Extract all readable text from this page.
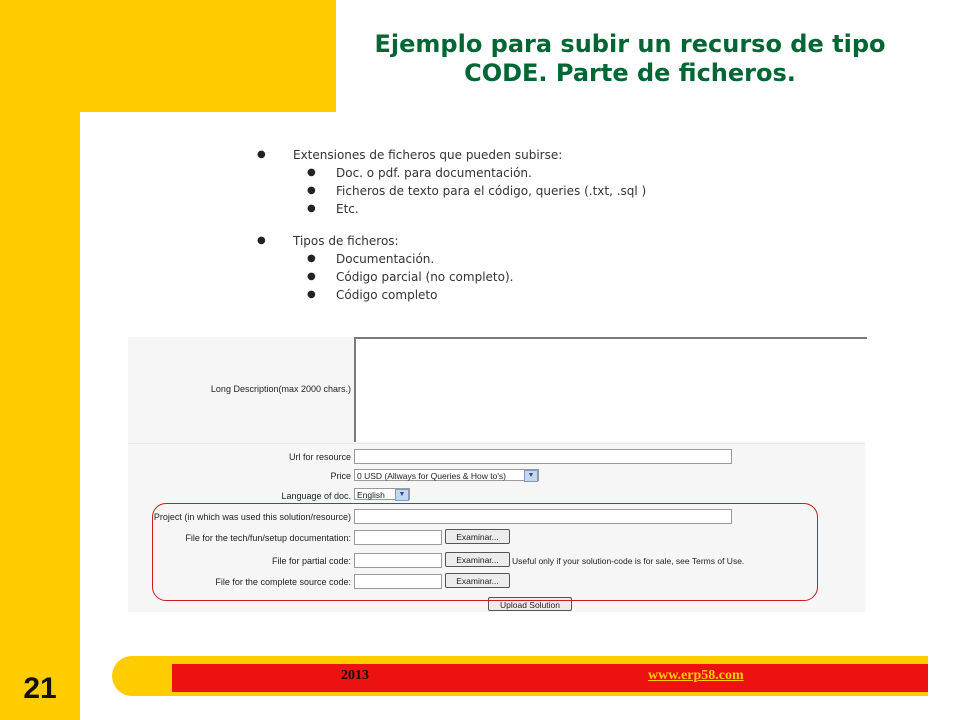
Ejemplo para subir un recurso de tipo CODE. Parte de ficheros.
● Extensiones de ficheros que pueden subirse:
● Doc. o pdf. para documentación.
● Ficheros de texto para el código, queries (.txt, .sql )
● Etc.
● Tipos de ficheros:
● Documentación.
● Código parcial (no completo).
● Código completo
Long Description(max 2000 chars.)
Url for resource
Price 0 USD (Allways for Queries & How to's)	▼
Language of doc. English	▼
Project (in which was used this solution/resource)
File for the tech/fun/setup documentation:	Examinar...
File for partial code:	Examinar...	Useful only if your solution-code is for sale, see Terms of Use.
File for the complete source code:	Examinar...
Upload Solution
2013	www.erp58.com
21
